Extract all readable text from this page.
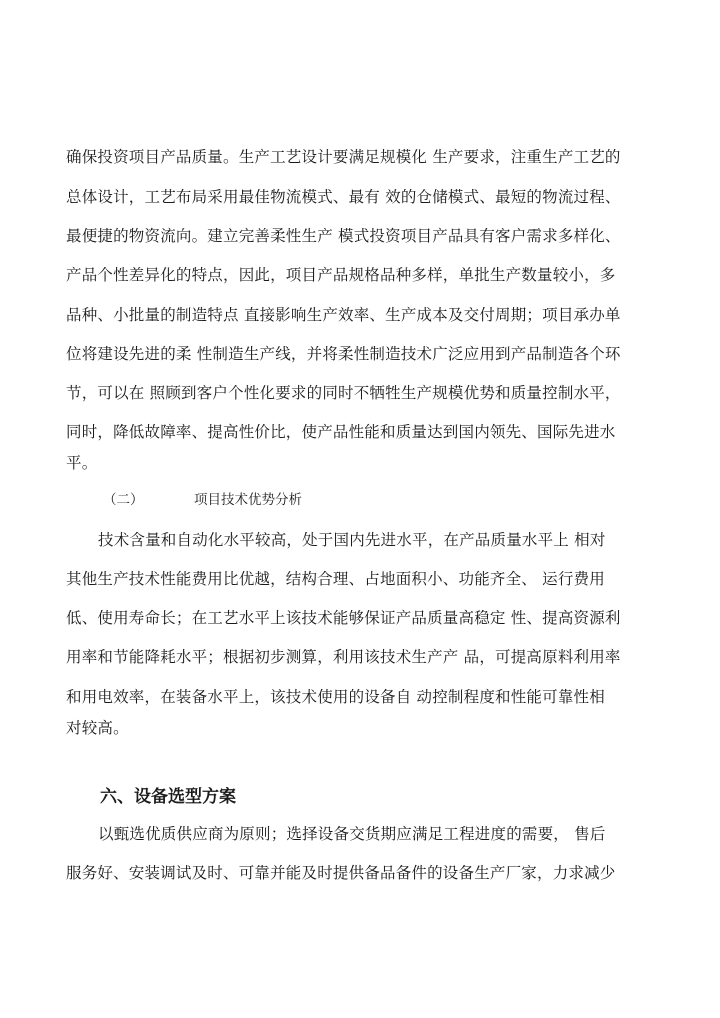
确保投资项目产品质量。生产工艺设计要满足规模化 生产要求，注重生产工艺的
总体设计，工艺布局采用最佳物流模式、最有 效的仓储模式、最短的物流过程、
最便捷的物资流向。建立完善柔性生产 模式投资项目产品具有客户需求多样化、
产品个性差异化的特点，因此，项目产品规格品种多样，单批生产数量较小，多
品种、小批量的制造特点 直接影响生产效率、生产成本及交付周期；项目承办单
位将建设先进的柔 性制造生产线，并将柔性制造技术广泛应用到产品制造各个环
节，可以在 照顾到客户个性化要求的同时不牺牲生产规模优势和质量控制水平，
同时，降低故障率、提高性价比，使产品性能和质量达到国内领先、国际先进水
平。
（二）	项目技术优势分析
技术含量和自动化水平较高，处于国内先进水平，在产品质量水平上 相对
其他生产技术性能费用比优越，结构合理、占地面积小、功能齐全、 运行费用
低、使用寿命长；在工艺水平上该技术能够保证产品质量高稳定 性、提高资源利
用率和节能降耗水平；根据初步测算，利用该技术生产产 品，可提高原料利用率
和用电效率，在装备水平上，该技术使用的设备自 动控制程度和性能可靠性相
对较高。
六、设备选型方案
以甄选优质供应商为原则；选择设备交货期应满足工程进度的需要， 售后
服务好、安装调试及时、可靠并能及时提供备品备件的设备生产厂家，力求减少
